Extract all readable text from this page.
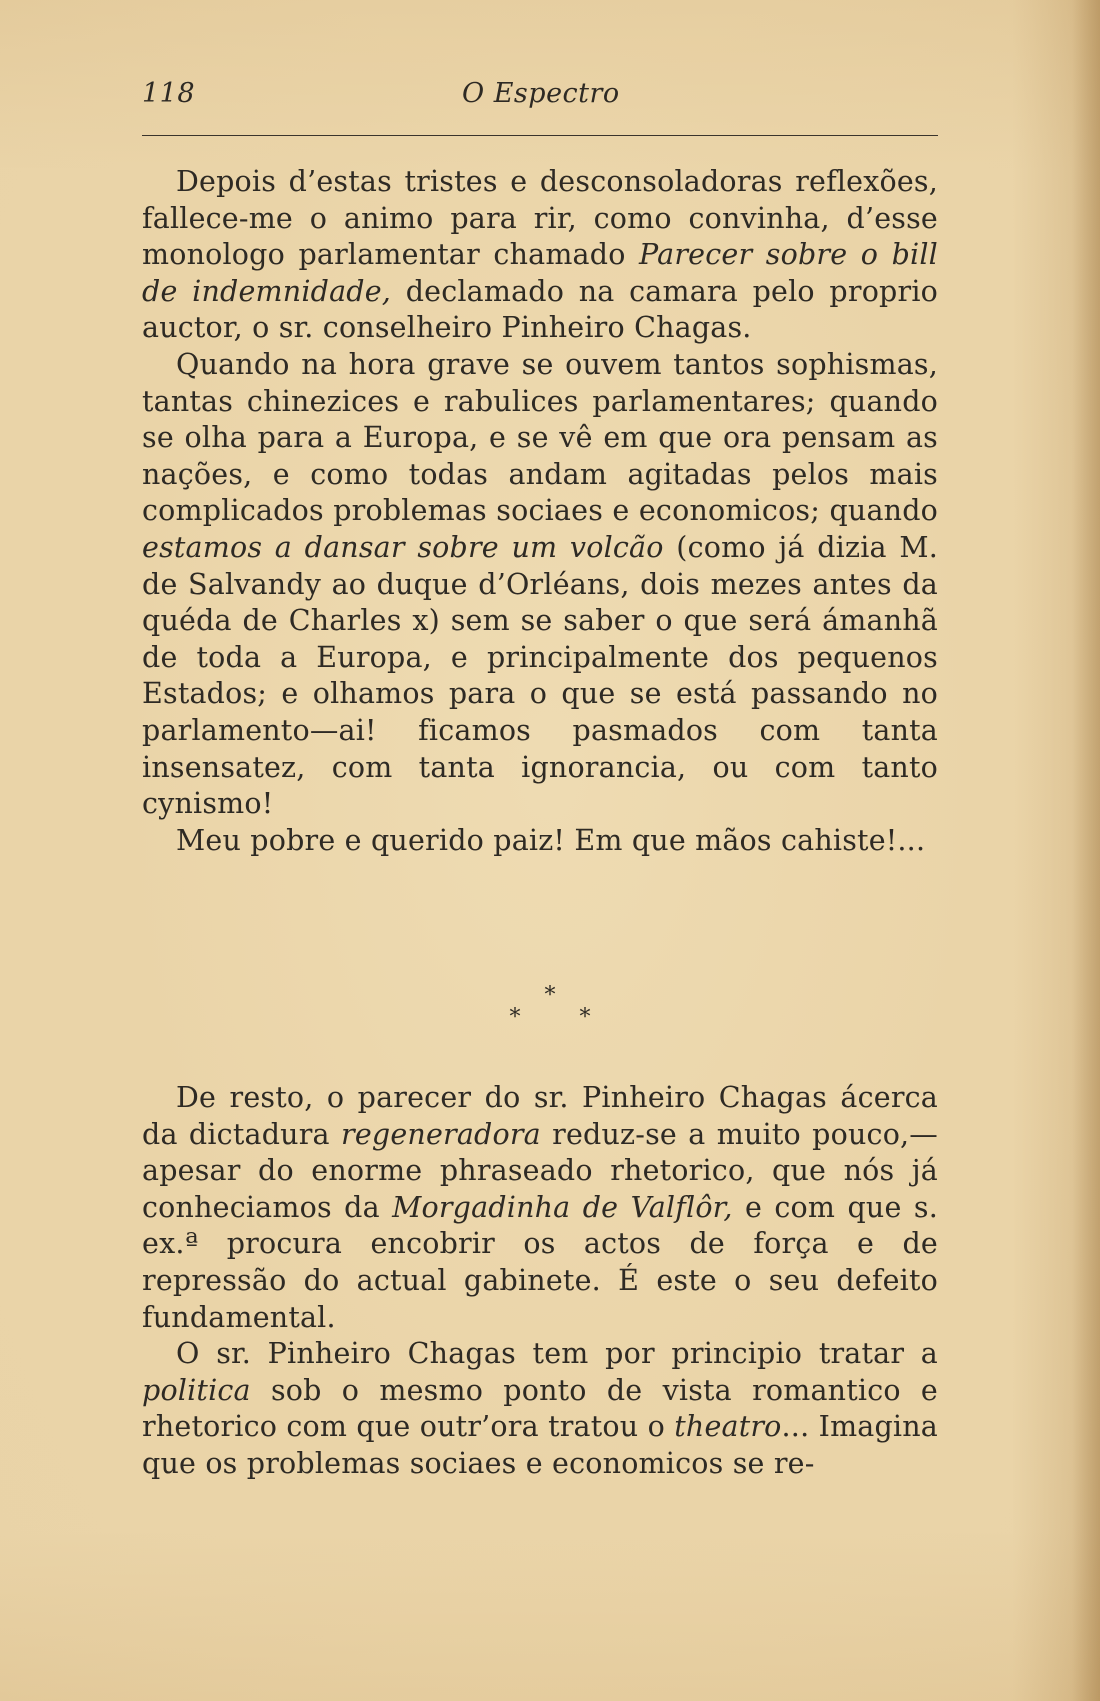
118	O Espectro

Depois d’estas tristes e desconsoladoras reflexões, fallece-me o animo para rir, como convinha, d’esse monologo parlamentar chamado Parecer sobre o bill de indemnidade, declamado na camara pelo proprio auctor, o sr. conselheiro Pinheiro Chagas.

Quando na hora grave se ouvem tantos sophismas, tantas chinezices e rabulices parlamentares; quando se olha para a Europa, e se vê em que ora pensam as nações, e como todas andam agitadas pelos mais complicados problemas sociaes e economicos; quando estamos a dansar sobre um volcão (como já dizia M. de Salvandy ao duque d’Orléans, dois mezes antes da quéda de Charles x) sem se saber o que será ámanhã de toda a Europa, e principalmente dos pequenos Estados; e olhamos para o que se está passando no parlamento—ai! ficamos pasmados com tanta insensatez, com tanta ignorancia, ou com tanto cynismo!

Meu pobre e querido paiz! Em que mãos cahiste!...

*
* *

De resto, o parecer do sr. Pinheiro Chagas ácerca da dictadura regeneradora reduz-se a muito pouco,—apesar do enorme phraseado rhetorico, que nós já conheciamos da Morgadinha de Valflôr, e com que s. ex.ª procura encobrir os actos de força e de repressão do actual gabinete. É este o seu defeito fundamental.

O sr. Pinheiro Chagas tem por principio tratar a politica sob o mesmo ponto de vista romantico e rhetorico com que outr’ora tratou o theatro... Imagina que os problemas sociaes e economicos se re-
